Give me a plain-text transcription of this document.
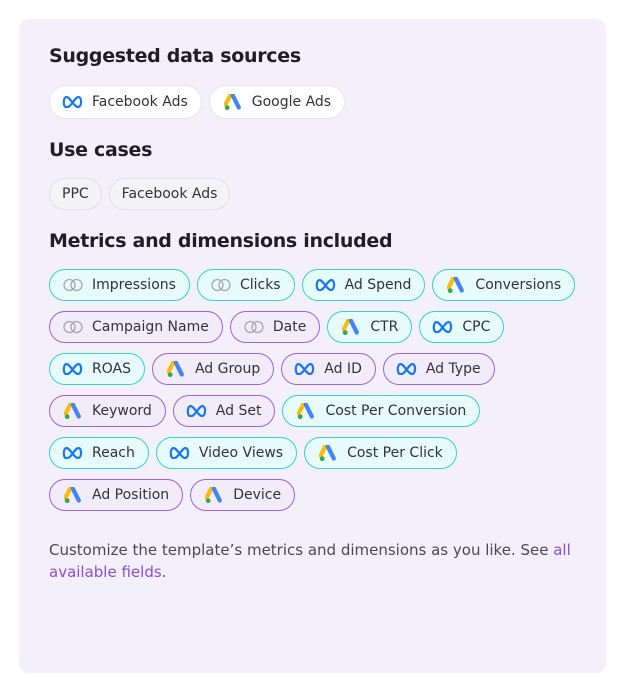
Suggested data sources
Facebook Ads	Google Ads
Use cases
PPC Facebook Ads
Metrics and dimensions included
Impressions	Clicks	Ad Spend	Conversions
Campaign Name	Date	CTR	CPC
ROAS	Ad Group	Ad ID	Ad Type
Keyword	Ad Set	Cost Per Conversion
Reach	Video Views	Cost Per Click
Ad Position	Device
Customize the template’s metrics and dimensions as you like. See all available fields.
